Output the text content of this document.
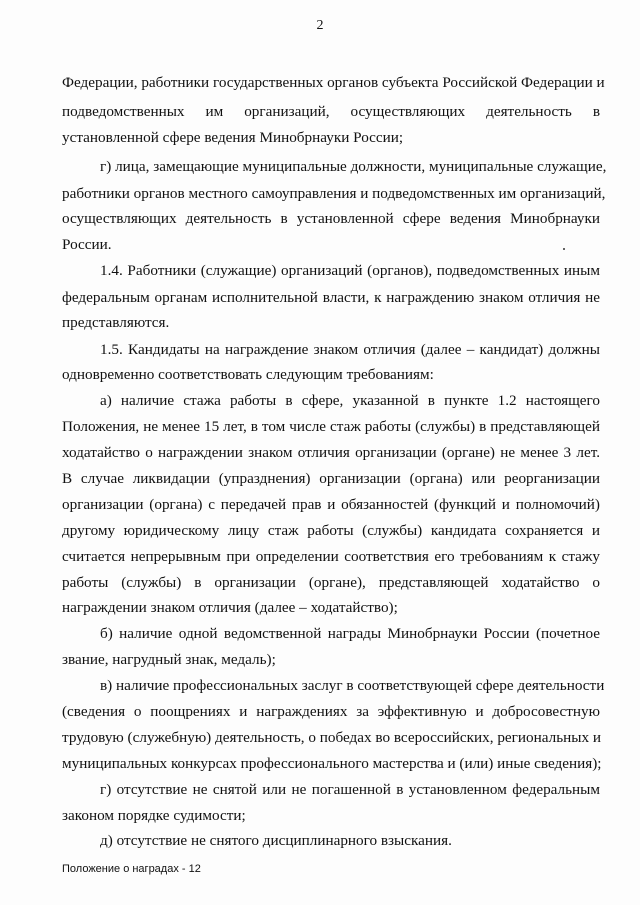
2
Федерации, работники государственных органов субъекта Российской Федерации и
подведомственных им организаций, осуществляющих деятельность в
установленной сфере ведения Минобрнауки России;
г) лица, замещающие муниципальные должности, муниципальные служащие,
работники органов местного самоуправления и подведомственных им организаций,
осуществляющих деятельность в установленной сфере ведения Минобрнауки
России.
1.4. Работники (служащие) организаций (органов), подведомственных иным
федеральным органам исполнительной власти, к награждению знаком отличия не
представляются.
1.5. Кандидаты на награждение знаком отличия (далее – кандидат) должны
одновременно соответствовать следующим требованиям:
а) наличие стажа работы в сфере, указанной в пункте 1.2 настоящего
Положения, не менее 15 лет, в том числе стаж работы (службы) в представляющей
ходатайство о награждении знаком отличия организации (органе) не менее 3 лет.
В случае ликвидации (упразднения) организации (органа) или реорганизации
организации (органа) с передачей прав и обязанностей (функций и полномочий)
другому юридическому лицу стаж работы (службы) кандидата сохраняется и
считается непрерывным при определении соответствия его требованиям к стажу
работы (службы) в организации (органе), представляющей ходатайство о
награждении знаком отличия (далее – ходатайство);
б) наличие одной ведомственной награды Минобрнауки России (почетное
звание, нагрудный знак, медаль);
в) наличие профессиональных заслуг в соответствующей сфере деятельности
(сведения о поощрениях и награждениях за эффективную и добросовестную
трудовую (служебную) деятельность, о победах во всероссийских, региональных и
муниципальных конкурсах профессионального мастерства и (или) иные сведения);
г) отсутствие не снятой или не погашенной в установленном федеральным
законом порядке судимости;
д) отсутствие не снятого дисциплинарного взыскания.
Положение о наградах - 12
